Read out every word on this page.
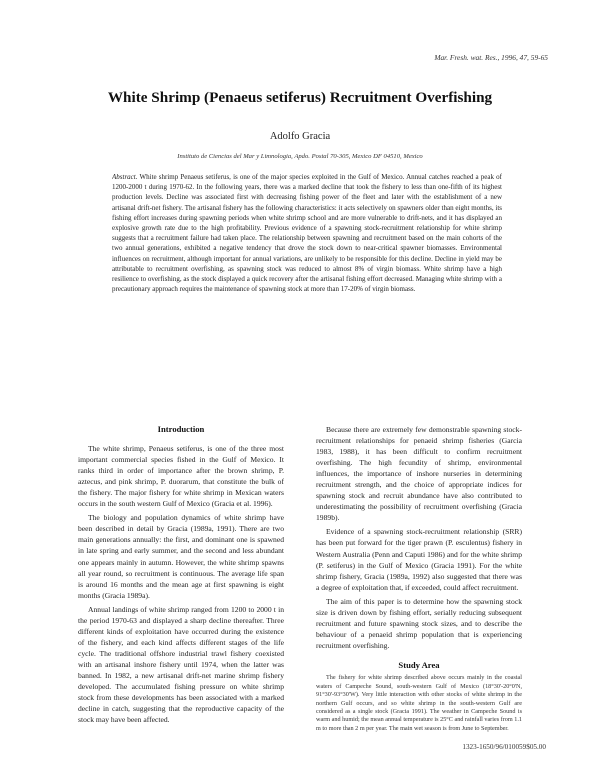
Mar. Fresh. wat. Res., 1996, 47, 59-65
White Shrimp (Penaeus setiferus) Recruitment Overfishing
Adolfo Gracia
Instituto de Ciencias del Mar y Limnologia, Apdo. Postal 70-305, Mexico DF 04510, Mexico
Abstract. White shrimp Penaeus setiferus, is one of the major species exploited in the Gulf of Mexico. Annual catches reached a peak of 1200-2000 t during 1970-62. In the following years, there was a marked decline that took the fishery to less than one-fifth of its highest production levels. Decline was associated first with decreasing fishing power of the fleet and later with the establishment of a new artisanal drift-net fishery. The artisanal fishery has the following characteristics: it acts selectively on spawners older than eight months, its fishing effort increases during spawning periods when white shrimp school and are more vulnerable to drift-nets, and it has displayed an explosive growth rate due to the high profitability. Previous evidence of a spawning stock-recruitment relationship for white shrimp suggests that a recruitment failure had taken place. The relationship between spawning and recruitment based on the main cohorts of the two annual generations, exhibited a negative tendency that drove the stock down to near-critical spawner biomasses. Environmental influences on recruitment, although important for annual variations, are unlikely to be responsible for this decline. Decline in yield may be attributable to recruitment overfishing, as spawning stock was reduced to almost 8% of virgin biomass. White shrimp have a high resilience to overfishing, as the stock displayed a quick recovery after the artisanal fishing effort decreased. Managing white shrimp with a precautionary approach requires the maintenance of spawning stock at more than 17-20% of virgin biomass.
Introduction

The white shrimp, Penaeus setiferus, is one of the three most important commercial species fished in the Gulf of Mexico. It ranks third in order of importance after the brown shrimp, P. aztecus, and pink shrimp, P. duorarum, that constitute the bulk of the fishery. The major fishery for white shrimp in Mexican waters occurs in the south western Gulf of Mexico (Gracia et al. 1996).

The biology and population dynamics of white shrimp have been described in detail by Gracia (1989a, 1991). There are two main generations annually: the first, and dominant one is spawned in late spring and early summer, and the second and less abundant one appears mainly in autumn. However, the white shrimp spawns all year round, so recruitment is continuous. The average life span is around 16 months and the mean age at first spawning is eight months (Gracia 1989a).

Annual landings of white shrimp ranged from 1200 to 2000 t in the period 1970-63 and displayed a sharp decline thereafter. Three different kinds of exploitation have occurred during the existence of the fishery, and each kind affects different stages of the life cycle. The traditional offshore industrial trawl fishery coexisted with an artisanal inshore fishery until 1974, when the latter was banned. In 1982, a new artisanal drift-net marine shrimp fishery developed. The accumulated fishing pressure on white shrimp stock from these developments has been associated with a marked decline in catch, suggesting that the reproductive capacity of the stock may have been affected.

Because there are extremely few demonstrable spawning stock-recruitment relationships for penaeid shrimp fisheries (Garcia 1983, 1988), it has been difficult to confirm recruitment overfishing. The high fecundity of shrimp, environmental influences, the importance of inshore nurseries in determining recruitment strength, and the choice of appropriate indices for spawning stock and recruit abundance have also contributed to underestimating the possibility of recruitment overfishing (Gracia 1989b).

Evidence of a spawning stock-recruitment relationship (SRR) has been put forward for the tiger prawn (P. esculentus) fishery in Western Australia (Penn and Caputi 1986) and for the white shrimp (P. setiferus) in the Gulf of Mexico (Gracia 1991). For the white shrimp fishery, Gracia (1989a, 1992) also suggested that there was a degree of exploitation that, if exceeded, could affect recruitment.

The aim of this paper is to determine how the spawning stock size is driven down by fishing effort, serially reducing subsequent recruitment and future spawning stock sizes, and to describe the behaviour of a penaeid shrimp population that is experiencing recruitment overfishing.

Study Area

The fishery for white shrimp described above occurs mainly in the coastal waters of Campeche Sound, south-western Gulf of Mexico (18°30'-20°0'N, 91°30'-93°30'W). Very little interaction with other stocks of white shrimp in the northern Gulf occurs, and so white shrimp in the south-western Gulf are considered as a single stock (Gracia 1991). The weather in Campeche Sound is warm and humid; the mean annual temperature is 25°C and rainfall varies from 1.1 m to more than 2 m per year. The main wet season is from June to September.

1323-1650/96/010059$05.00
